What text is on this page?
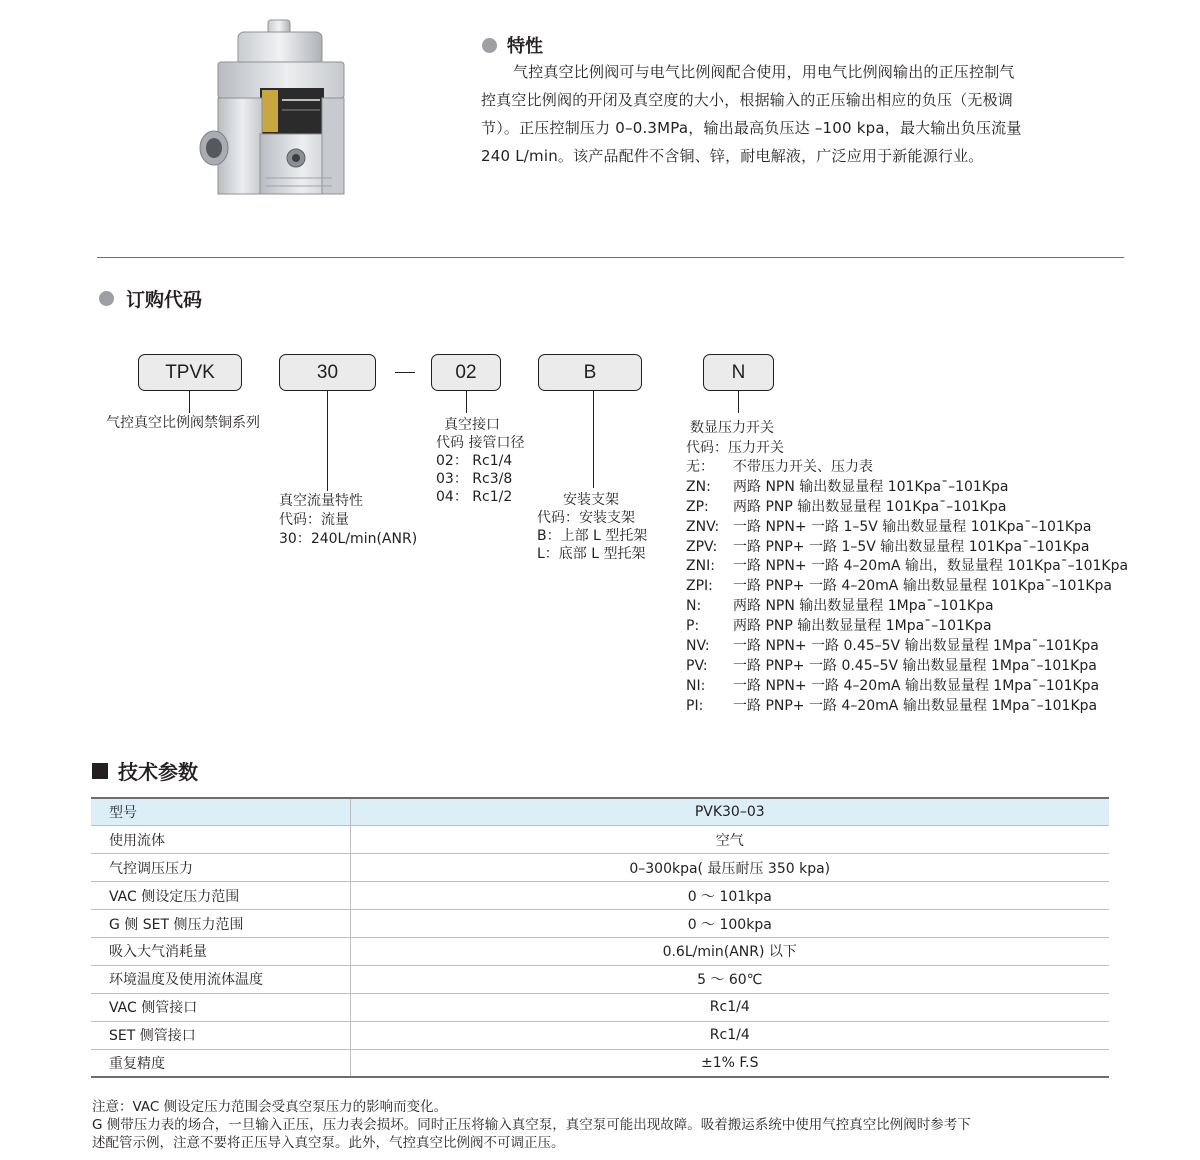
特性
气控真空比例阀可与电气比例阀配合使用，用电气比例阀输出的正压控制气
控真空比例阀的开闭及真空度的大小，根据输入的正压输出相应的负压（无极调
节）。正压控制压力 0–0.3MPa，输出最高负压达 –100 kpa，最大输出负压流量
240 L/min。该产品配件不含铜、锌，耐电解液，广泛应用于新能源行业。
订购代码
TPVK	30	02	B	N
气控真空比例阀禁铜系列
真空流量特性
代码：流量
30：240L/min(ANR)
真空接口
代码 接管口径
02： Rc1/4
03： Rc3/8
04： Rc1/2	安装支架
代码：安装支架
B：上部 L 型托架
L：底部 L 型托架
数显压力开关
代码：压力开关
无：	不带压力开关、压力表
ZN:	两路 NPN 输出数显量程 101Kpa¯–101Kpa
ZP:	两路 PNP 输出数显量程 101Kpa¯–101Kpa
ZNV: 一路 NPN+ 一路 1–5V 输出数显量程 101Kpa¯–101Kpa
ZPV:	一路 PNP+ 一路 1–5V 输出数显量程 101Kpa¯–101Kpa
ZNI:	一路 NPN+ 一路 4–20mA 输出，数显量程 101Kpa¯–101Kpa
ZPI:	一路 PNP+ 一路 4–20mA 输出数显量程 101Kpa¯–101Kpa
N:	两路 NPN 输出数显量程 1Mpa¯–101Kpa
P:	两路 PNP 输出数显量程 1Mpa¯–101Kpa
NV:	一路 NPN+ 一路 0.45–5V 输出数显量程 1Mpa¯–101Kpa
PV:	一路 PNP+ 一路 0.45–5V 输出数显量程 1Mpa¯–101Kpa
NI:	一路 NPN+ 一路 4–20mA 输出数显量程 1Mpa¯–101Kpa
PI:	一路 PNP+ 一路 4–20mA 输出数显量程 1Mpa¯–101Kpa
技术参数
型号	PVK30–03
使用流体	空气
气控调压压力	0–300kpa( 最压耐压 350 kpa)
VAC 侧设定压力范围	0 ～ 101kpa
G 侧 SET 侧压力范围	0 ～ 100kpa
吸入大气消耗量	0.6L/min(ANR) 以下
环境温度及使用流体温度	5 ～ 60℃
VAC 侧管接口	Rc1/4
SET 侧管接口	Rc1/4
重复精度	±1% F.S
注意：VAC 侧设定压力范围会受真空泵压力的影响而变化。
G 侧带压力表的场合，一旦输入正压，压力表会损坏。同时正压将输入真空泵，真空泵可能出现故障。吸着搬运系统中使用气控真空比例阀时参考下
述配管示例，注意不要将正压导入真空泵。此外，气控真空比例阀不可调正压。
